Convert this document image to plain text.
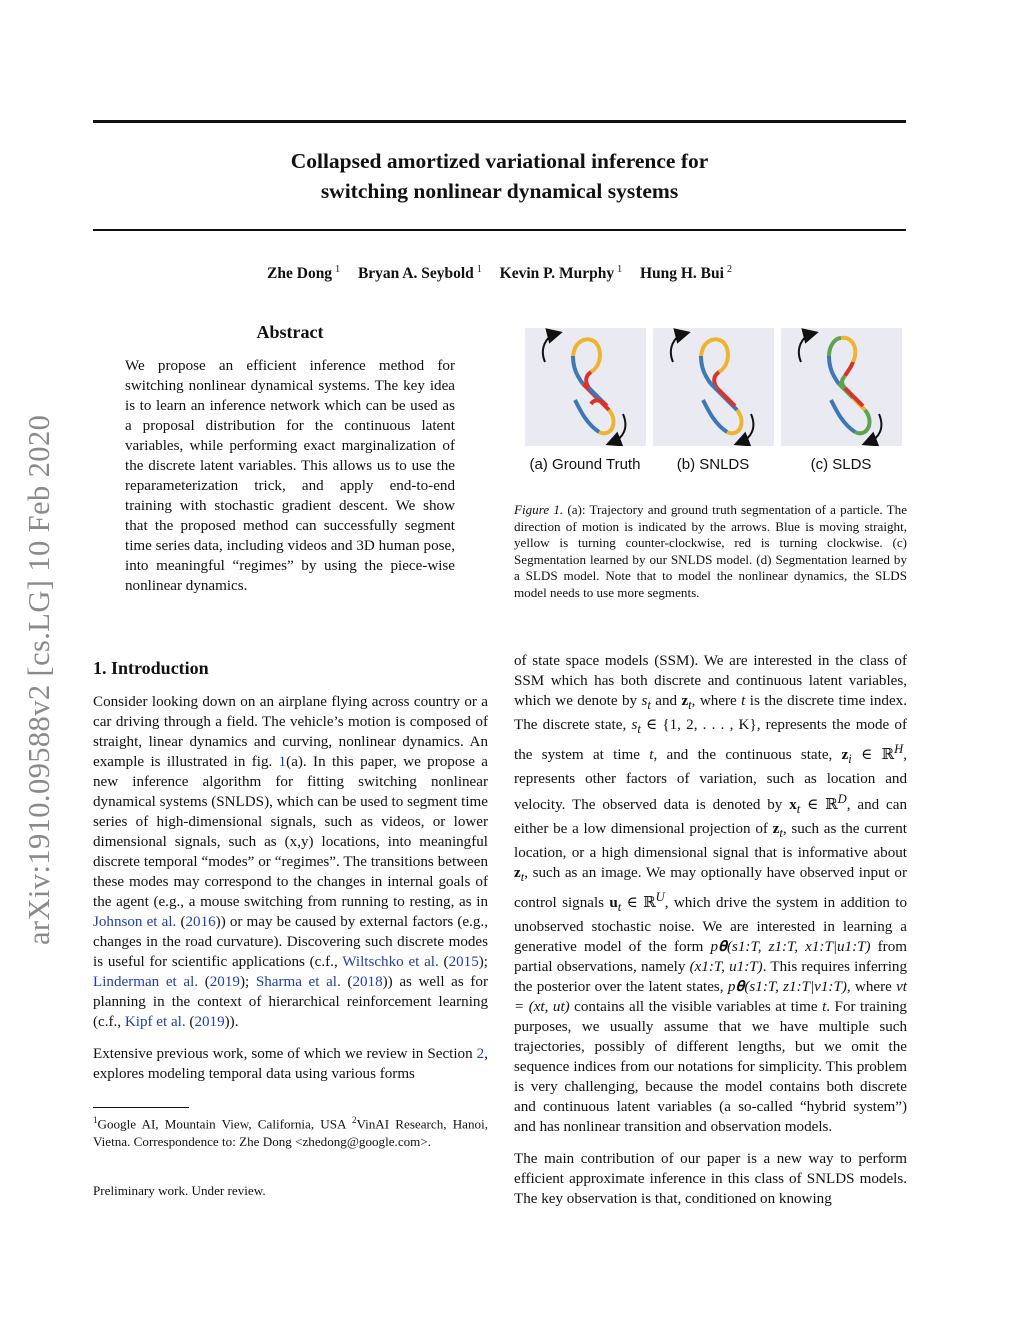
Collapsed amortized variational inference for
switching nonlinear dynamical systems
Zhe Dong $^1$ Bryan A. Seybold $^1$ Kevin P. Murphy $^1$ Hung H. Bui $^2$
arXiv:1910.09588v2 [cs.LG] 10 Feb 2020
Abstract
We propose an efficient inference method for switching nonlinear dynamical systems. The key idea is to learn an inference network which can be used as a proposal distribution for the continuous latent variables, while performing exact marginalization of the discrete latent variables. This allows us to use the reparameterization trick, and apply end-to-end training with stochastic gradient descent. We show that the proposed method can successfully segment time series data, including videos and 3D human pose, into meaningful “regimes” by using the piece-wise nonlinear dynamics.
(a) Ground Truth	(b) SNLDS	(c) SLDS
Figure 1. (a): Trajectory and ground truth segmentation of a particle. The direction of motion is indicated by the arrows. Blue is moving straight, yellow is turning counter-clockwise, red is turning clockwise. (c) Segmentation learned by our SNLDS model. (d) Segmentation learned by a SLDS model. Note that to model the nonlinear dynamics, the SLDS model needs to use more segments.
1. Introduction

Consider looking down on an airplane flying across country or a car driving through a field. The vehicle’s motion is composed of straight, linear dynamics and curving, nonlinear dynamics. An example is illustrated in fig. 1(a). In this paper, we propose a new inference algorithm for fitting switching nonlinear dynamical systems (SNLDS), which can be used to segment time series of high-dimensional signals, such as videos, or lower dimensional signals, such as (x,y) locations, into meaningful discrete temporal “modes” or “regimes”. The transitions between these modes may correspond to the changes in internal goals of the agent (e.g., a mouse switching from running to resting, as in Johnson et al. (2016)) or may be caused by external factors (e.g., changes in the road curvature). Discovering such discrete modes is useful for scientific applications (c.f., Wiltschko et al. (2015); Linderman et al. (2019); Sharma et al. (2018)) as well as for planning in the context of hierarchical reinforcement learning (c.f., Kipf et al. (2019)).

Extensive previous work, some of which we review in Section 2, explores modeling temporal data using various forms

$^1$Google AI, Mountain View, California, USA $^2$VinAI Research, Hanoi, Vietna. Correspondence to: Zhe Dong <zhedong@google.com>.
Preliminary work. Under review.

of state space models (SSM). We are interested in the class of SSM which has both discrete and continuous latent variables, which we denote by $s_t$ and $z_t$, where t is the discrete time index. The discrete state, $s_t$ ∈ {1, 2, . . . , K}, represents the mode of the system at time t, and the continuous state, $z_i$ ∈ ℝ$^H$, represents other factors of variation, such as location and velocity. The observed data is denoted by $x_t$ ∈ ℝ$^D$, and can either be a low dimensional projection of $z_t$, such as the current location, or a high dimensional signal that is informative about $z_t$, such as an image. We may optionally have observed input or control signals $u_t$ ∈ ℝ$^U$, which drive the system in addition to unobserved stochastic noise. We are interested in learning a generative model of the form p𝛉(s1:T, z1:T, x1:T|u1:T) from partial observations, namely (x1:T, u1:T). This requires inferring the posterior over the latent states, p𝛉(s1:T, z1:T|v1:T), where vt = (xt, ut) contains all the visible variables at time t. For training purposes, we usually assume that we have multiple such trajectories, possibly of different lengths, but we omit the sequence indices from our notations for simplicity. This problem is very challenging, because the model contains both discrete and continuous latent variables (a so-called “hybrid system”) and has nonlinear transition and observation models.

The main contribution of our paper is a new way to perform efficient approximate inference in this class of SNLDS models. The key observation is that, conditioned on knowing
